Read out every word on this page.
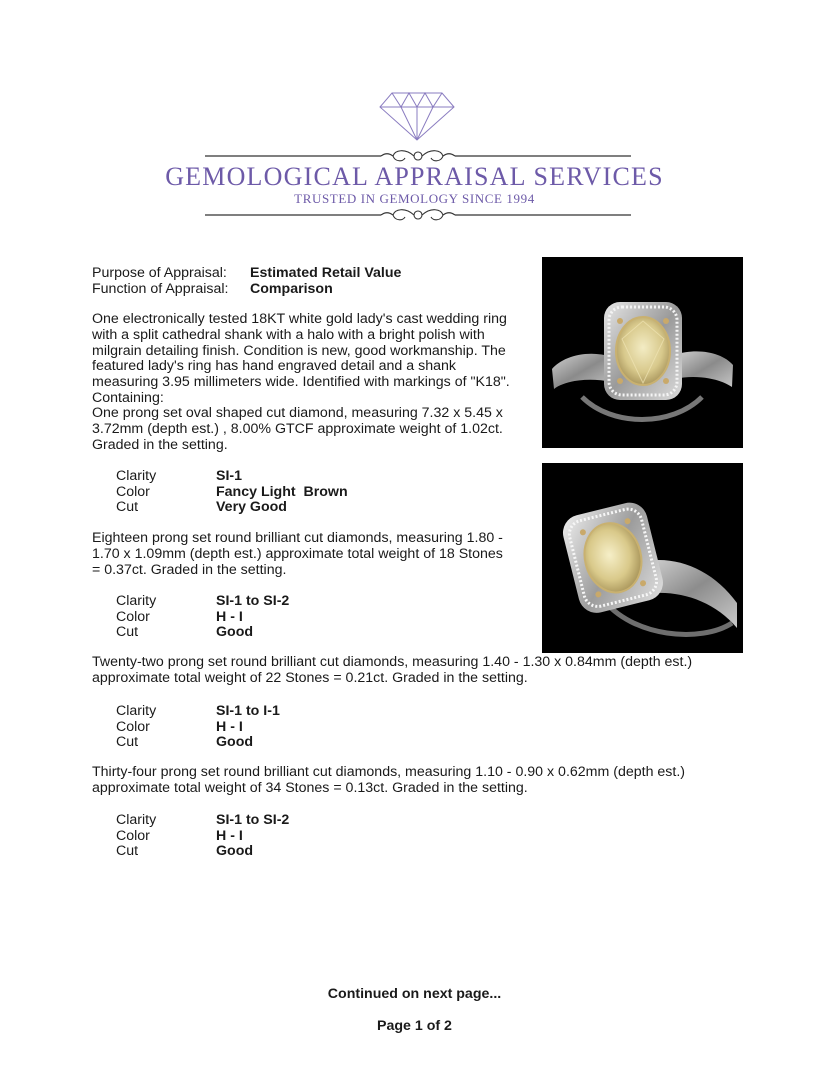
GEMOLOGICAL APPRAISAL SERVICES
TRUSTED IN GEMOLOGY SINCE 1994
Purpose of Appraisal: Estimated Retail Value
Function of Appraisal: Comparison
One electronically tested 18KT white gold lady's cast wedding ring with a split cathedral shank with a halo with a bright polish with milgrain detailing finish. Condition is new, good workmanship. The featured lady's ring has hand engraved detail and a shank measuring 3.95 millimeters wide. Identified with markings of "K18". Containing:
One prong set oval shaped cut diamond, measuring 7.32 x 5.45 x 3.72mm (depth est.) , 8.00% GTCF approximate weight of 1.02ct. Graded in the setting.
Clarity	SI-1
Color	Fancy Light  Brown
Cut	Very Good
Eighteen prong set round brilliant cut diamonds, measuring 1.80 - 1.70 x 1.09mm (depth est.) approximate total weight of 18 Stones = 0.37ct. Graded in the setting.
Clarity	SI-1 to SI-2
Color	H - I
Cut	Good
Twenty-two prong set round brilliant cut diamonds, measuring 1.40 - 1.30 x 0.84mm (depth est.) approximate total weight of 22 Stones = 0.21ct. Graded in the setting.
Clarity	SI-1 to I-1
Color	H - I
Cut	Good
Thirty-four prong set round brilliant cut diamonds, measuring 1.10 - 0.90 x 0.62mm (depth est.) approximate total weight of 34 Stones = 0.13ct. Graded in the setting.
Clarity	SI-1 to SI-2
Color	H - I
Cut	Good
Continued on next page...
Page 1 of 2
